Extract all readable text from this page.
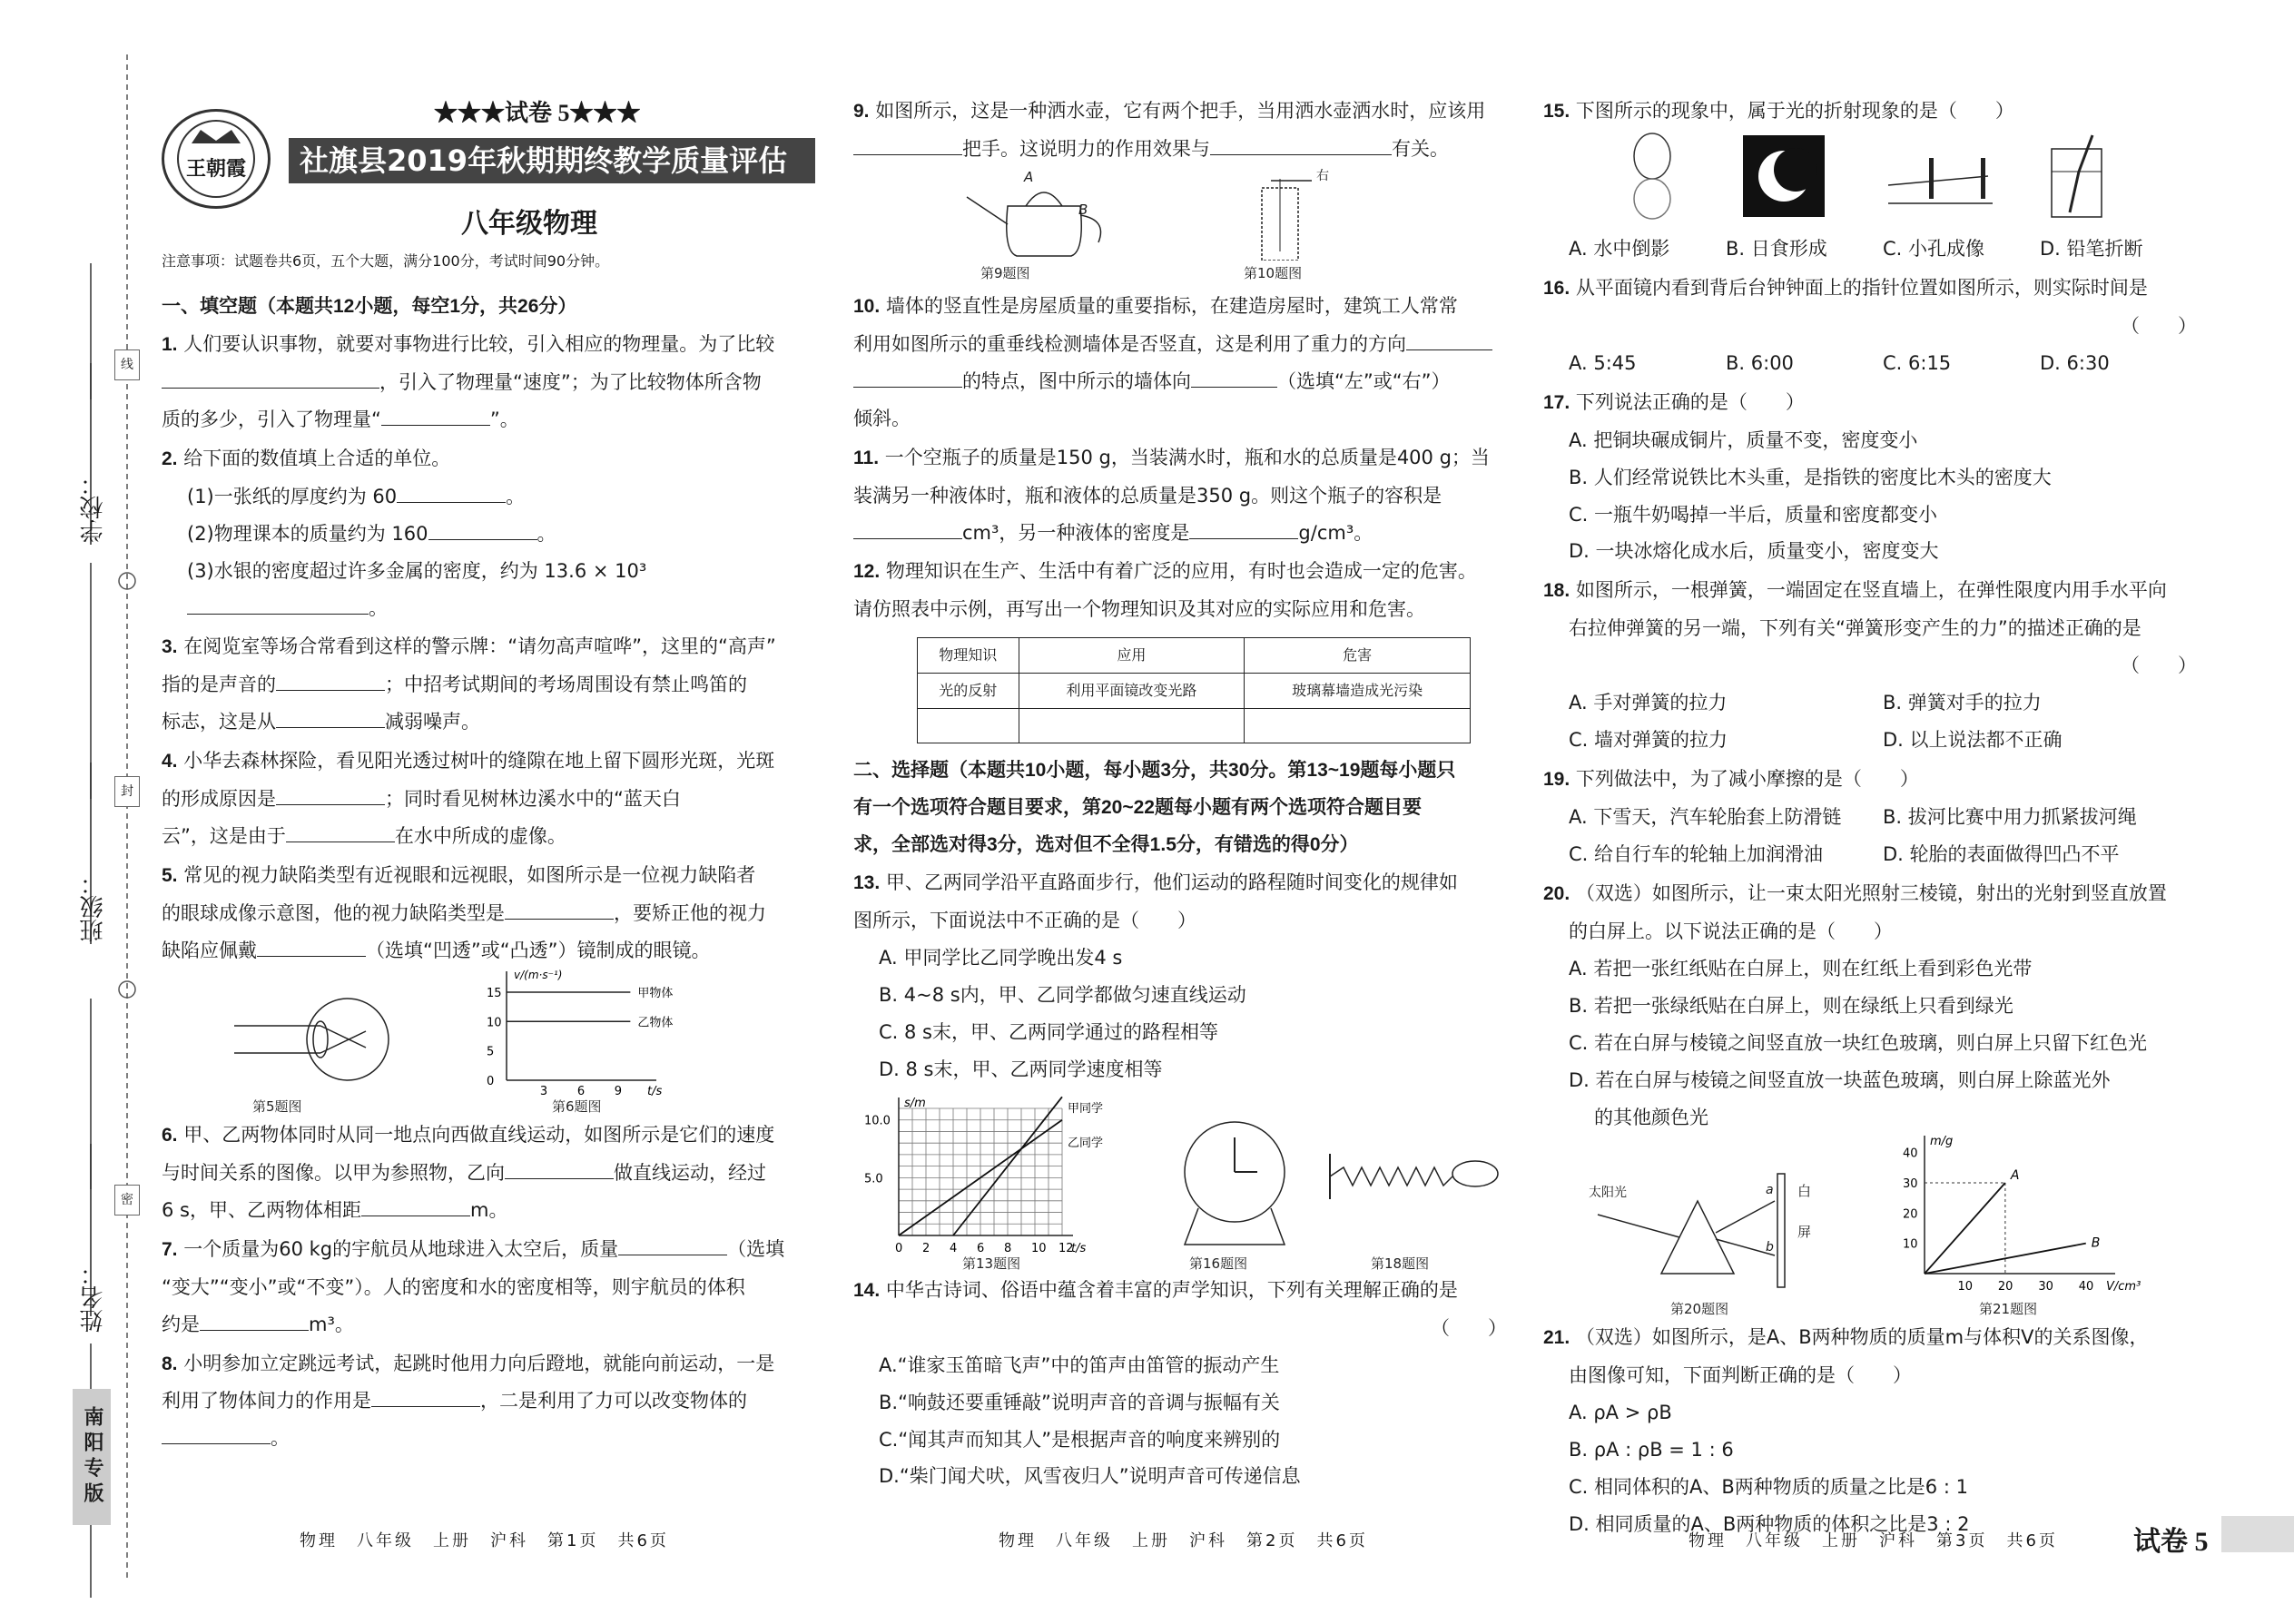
学校：
班级：
姓名：
线
封
密
南阳专版
王朝霞
★★★试卷 5★★★
社旗县2019年秋期期终教学质量评估试卷
八年级物理
注意事项：试题卷共6页，五个大题，满分100分，考试时间90分钟。
一、填空题（本题共12小题，每空1分，共26分）
1. 人们要认识事物，就要对事物进行比较，引入相应的物理量。为了比较
，引入了物理量“速度”；为了比较物体所含物
质的多少，引入了物理量“	”。
2. 给下面的数值填上合适的单位。
(1)一张纸的厚度约为 60	。
(2)物理课本的质量约为 160	。
(3)水银的密度超过许多金属的密度，约为 13.6 × 10³。
3. 在阅览室等场合常看到这样的警示牌：“请勿高声喧哗”，这里的“高声”
指的是声音的	；中招考试期间的考场周围设有禁止鸣笛的
标志，这是从	减弱噪声。
4. 小华去森林探险，看见阳光透过树叶的缝隙在地上留下圆形光斑，光斑
的形成原因是	；同时看见树林边溪水中的“蓝天白
云”，这是由于	在水中所成的虚像。
5. 常见的视力缺陷类型有近视眼和远视眼，如图所示是一位视力缺陷者
的眼球成像示意图，他的视力缺陷类型是	，要矫正他的视力
缺陷应佩戴	（选填“凹透”或“凸透”）镜制成的眼镜。
第5题图
v/(m·s⁻¹)
t/s
15
10
5
0
3	6	9
甲物体
乙物体
第6题图
6. 甲、乙两物体同时从同一地点向西做直线运动，如图所示是它们的速度
与时间关系的图像。以甲为参照物，乙向	做直线运动，经过
6 s，甲、乙两物体相距	m。
7. 一个质量为60 kg的宇航员从地球进入太空后，质量	（选填
“变大”“变小”或“不变”）。人的密度和水的密度相等，则宇航员的体积
约是	m³。
8. 小明参加立定跳远考试，起跳时他用力向后蹬地，就能向前运动，一是
利用了物体间力的作用是	，二是利用了力可以改变物体的
。
物理　八年级　上册　沪科　第1页　共6页
9. 如图所示，这是一种洒水壶，它有两个把手，当用洒水壶洒水时，应该用
把手。这说明力的作用效果与	有关。
A
B
右
第9题图	第10题图
10. 墙体的竖直性是房屋质量的重要指标，在建造房屋时，建筑工人常常
利用如图所示的重垂线检测墙体是否竖直，这是利用了重力的方向
的特点，图中所示的墙体向	（选填“左”或“右”）
倾斜。
11. 一个空瓶子的质量是150 g，当装满水时，瓶和水的总质量是400 g；当
装满另一种液体时，瓶和液体的总质量是350 g。则这个瓶子的容积是
cm³，另一种液体的密度是	g/cm³。
12. 物理知识在生产、生活中有着广泛的应用，有时也会造成一定的危害。
请仿照表中示例，再写出一个物理知识及其对应的实际应用和危害。
物理知识	应用	危害
光的反射	利用平面镜改变光路	玻璃幕墙造成光污染

二、选择题（本题共10小题，每小题3分，共30分。第13~19题每小题只
有一个选项符合题目要求，第20~22题每小题有两个选项符合题目要
求，全部选对得3分，选对但不全得1.5分，有错选的得0分）
13. 甲、乙两同学沿平直路面步行，他们运动的路程随时间变化的规律如
图所示，下面说法中不正确的是（　　）
A. 甲同学比乙同学晚出发4 s
B. 4~8 s内，甲、乙同学都做匀速直线运动
C. 8 s末，甲、乙两同学通过的路程相等
D. 8 s末，甲、乙两同学速度相等
s/m
t/s
10.0
5.0
0 2 4 6 8 10 12
甲同学
乙同学
第13题图	第16题图	第18题图
14. 中华古诗词、俗语中蕴含着丰富的声学知识，下列有关理解正确的是
（　　）
A.“谁家玉笛暗飞声”中的笛声由笛管的振动产生
B.“响鼓还要重锤敲”说明声音的音调与振幅有关
C.“闻其声而知其人”是根据声音的响度来辨别的
D.“柴门闻犬吠，风雪夜归人”说明声音可传递信息
物理　八年级　上册　沪科　第2页　共6页
15. 下图所示的现象中，属于光的折射现象的是（　　）
A. 水中倒影	B. 日食形成	C. 小孔成像	D. 铅笔折断
16. 从平面镜内看到背后台钟钟面上的指针位置如图所示，则实际时间是
（　　）
A. 5:45	B. 6:00	C. 6:15	D. 6:30
17. 下列说法正确的是（　　）
A. 把铜块碾成铜片，质量不变，密度变小
B. 人们经常说铁比木头重，是指铁的密度比木头的密度大
C. 一瓶牛奶喝掉一半后，质量和密度都变小
D. 一块冰熔化成水后，质量变小，密度变大
18. 如图所示，一根弹簧，一端固定在竖直墙上，在弹性限度内用手水平向
右拉伸弹簧的另一端，下列有关“弹簧形变产生的力”的描述正确的是
（　　）
A. 手对弹簧的拉力	B. 弹簧对手的拉力
C. 墙对弹簧的拉力	D. 以上说法都不正确
19. 下列做法中，为了减小摩擦的是（　　）
A. 下雪天，汽车轮胎套上防滑链	B. 拔河比赛中用力抓紧拔河绳
C. 给自行车的轮轴上加润滑油	D. 轮胎的表面做得凹凸不平
20. （双选）如图所示，让一束太阳光照射三棱镜，射出的光射到竖直放置
的白屏上。以下说法正确的是（　　）
A. 若把一张红纸贴在白屏上，则在红纸上看到彩色光带
B. 若把一张绿纸贴在白屏上，则在绿纸上只看到绿光
C. 若在白屏与棱镜之间竖直放一块红色玻璃，则白屏上只留下红色光
D. 若在白屏与棱镜之间竖直放一块蓝色玻璃，则白屏上除蓝光外
的其他颜色光
太阳光	a
b
白
屏
第20题图
m/g
V/cm³
40
30
20
10
10 20 30 40
A
B
第21题图
21. （双选）如图所示，是A、B两种物质的质量m与体积V的关系图像，
由图像可知，下面判断正确的是（　　）
A. ρA > ρB
B. ρA : ρB = 1 : 6
C. 相同体积的A、B两种物质的质量之比是6 : 1
D. 相同质量的A、B两种物质的体积之比是3 : 2
物理　八年级　上册　沪科　第3页　共6页	试卷 5
